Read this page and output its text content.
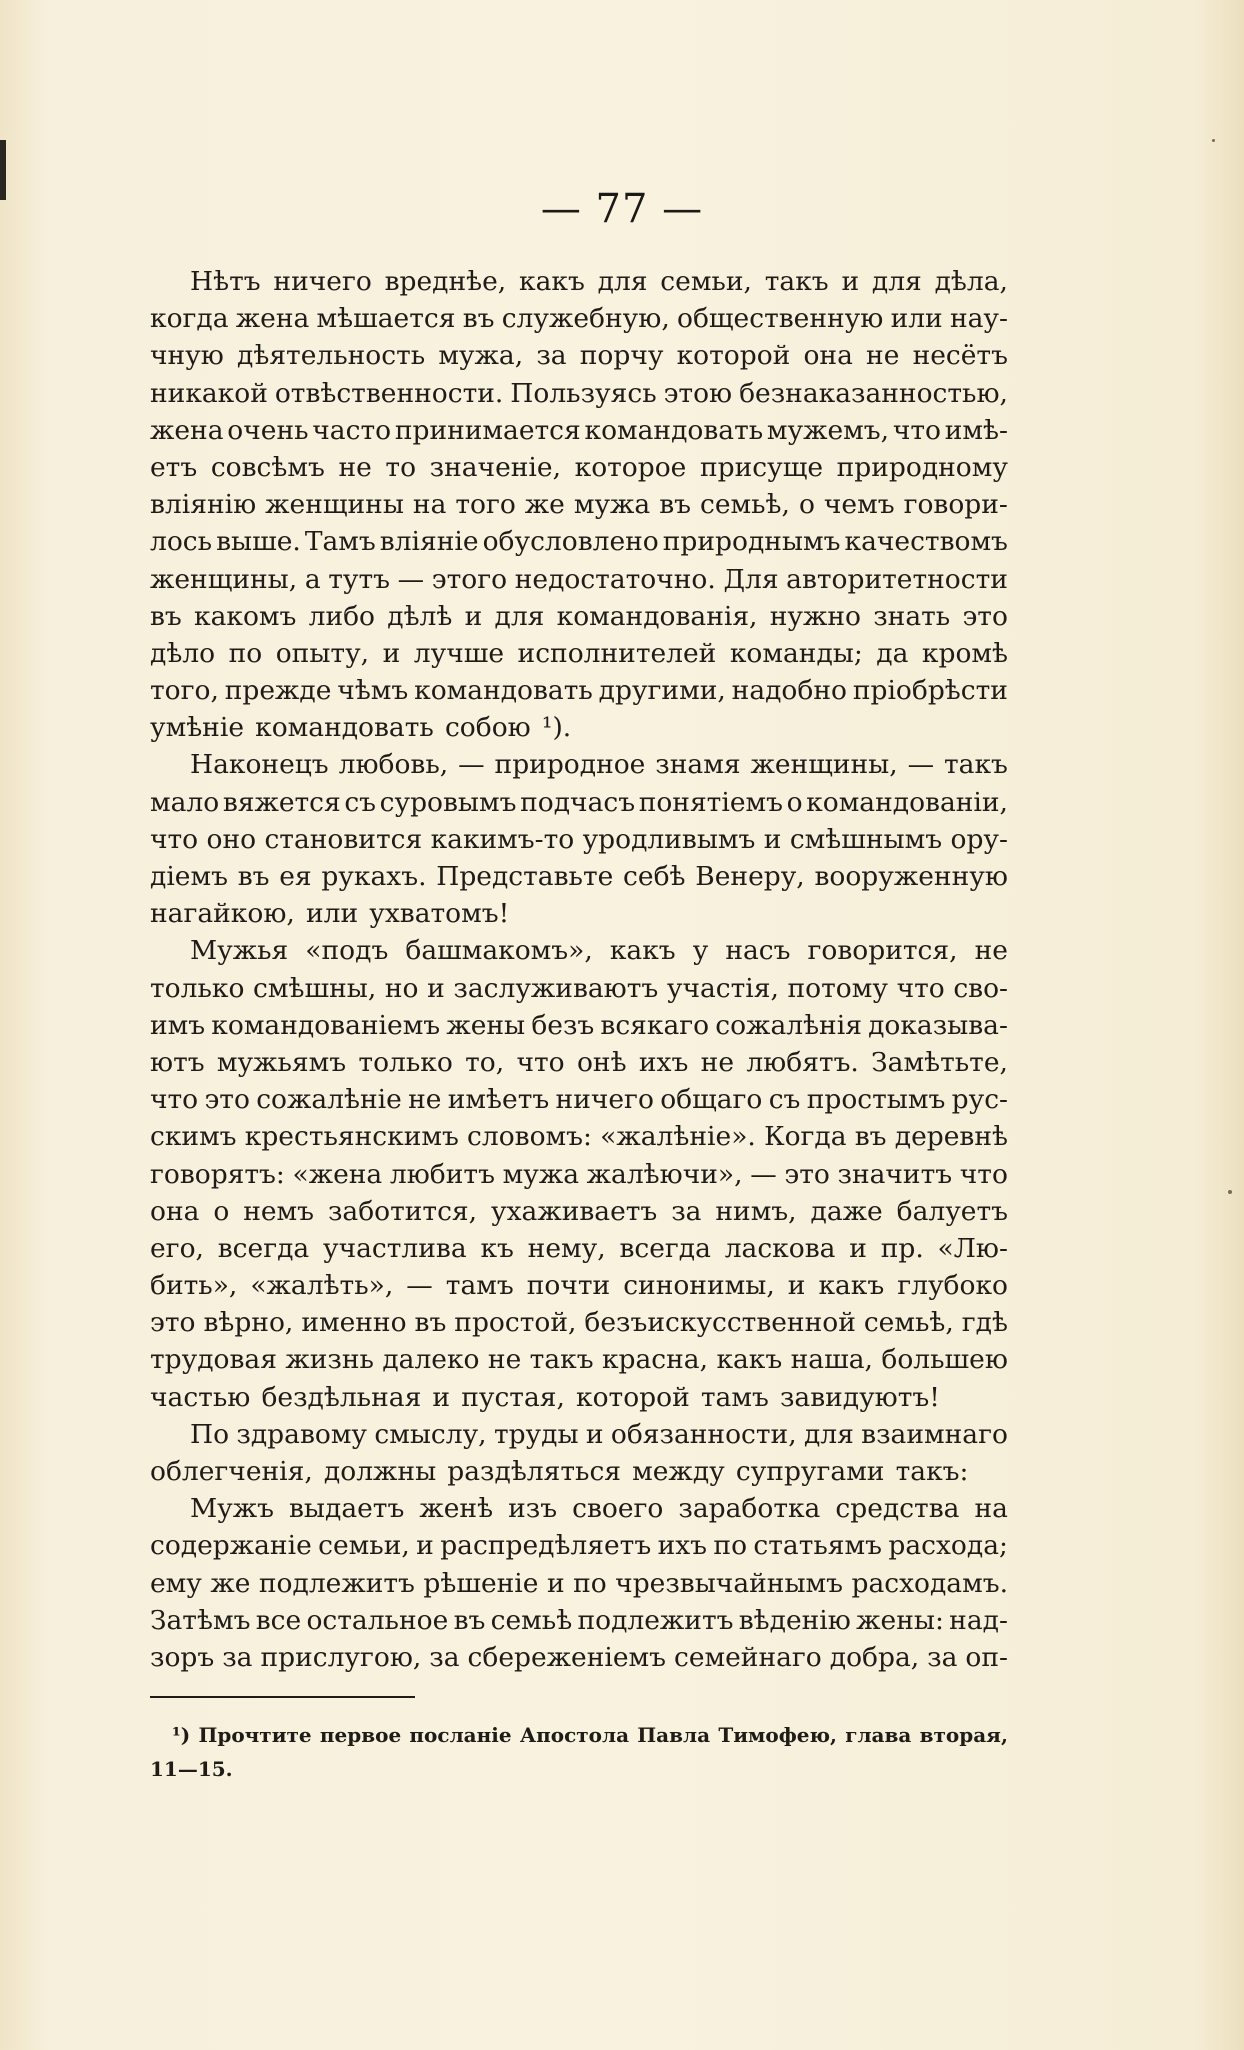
— 77 —
Нѣтъ ничего вреднѣе, какъ для семьи, такъ и для дѣла,
когда жена мѣшается въ служебную, общественную или нау-
чную дѣятельность мужа, за порчу которой она не несётъ
никакой отвѣственности. Пользуясь этою безнаказанностью,
жена очень часто принимается командовать мужемъ, что имѣ-
етъ совсѣмъ не то значеніе, которое присуще природному
вліянію женщины на того же мужа въ семьѣ, о чемъ говори-
лось выше. Тамъ вліяніе обусловлено природнымъ качествомъ
женщины, а тутъ — этого недостаточно. Для авторитетности
въ какомъ либо дѣлѣ и для командованія, нужно знать это
дѣло по опыту, и лучше исполнителей команды; да кромѣ
того, прежде чѣмъ командовать другими, надобно пріобрѣсти
умѣніе командовать собою ¹).
Наконецъ любовь, — природное знамя женщины, — такъ
мало вяжется съ суровымъ подчасъ понятіемъ о командованіи,
что оно становится какимъ-то уродливымъ и смѣшнымъ ору-
діемъ въ ея рукахъ. Представьте себѣ Венеру, вооруженную
нагайкою, или ухватомъ!
Мужья «подъ башмакомъ», какъ у насъ говорится, не
только смѣшны, но и заслуживаютъ участія, потому что сво-
имъ командованіемъ жены безъ всякаго сожалѣнія доказыва-
ютъ мужьямъ только то, что онѣ ихъ не любятъ. Замѣтьте,
что это сожалѣніе не имѣетъ ничего общаго съ простымъ рус-
скимъ крестьянскимъ словомъ: «жалѣніе». Когда въ деревнѣ
говорятъ: «жена любитъ мужа жалѣючи», — это значитъ что
она о немъ заботится, ухаживаетъ за нимъ, даже балуетъ
его, всегда участлива къ нему, всегда ласкова и пр. «Лю-
бить», «жалѣть», — тамъ почти синонимы, и какъ глубоко
это вѣрно, именно въ простой, безъискусственной семьѣ, гдѣ
трудовая жизнь далеко не такъ красна, какъ наша, большею
частью бездѣльная и пустая, которой тамъ завидуютъ!
По здравому смыслу, труды и обязанности, для взаимнаго
облегченія, должны раздѣляться между супругами такъ:
Мужъ выдаетъ женѣ изъ своего заработка средства на
содержаніе семьи, и распредѣляетъ ихъ по статьямъ расхода;
ему же подлежитъ рѣшеніе и по чрезвычайнымъ расходамъ.
Затѣмъ все остальное въ семьѣ подлежитъ вѣденію жены: над-
зоръ за прислугою, за сбереженіемъ семейнаго добра, за оп-
¹) Прочтите первое посланіе Апостола Павла Тимофею, глава вторая,
11—15.
